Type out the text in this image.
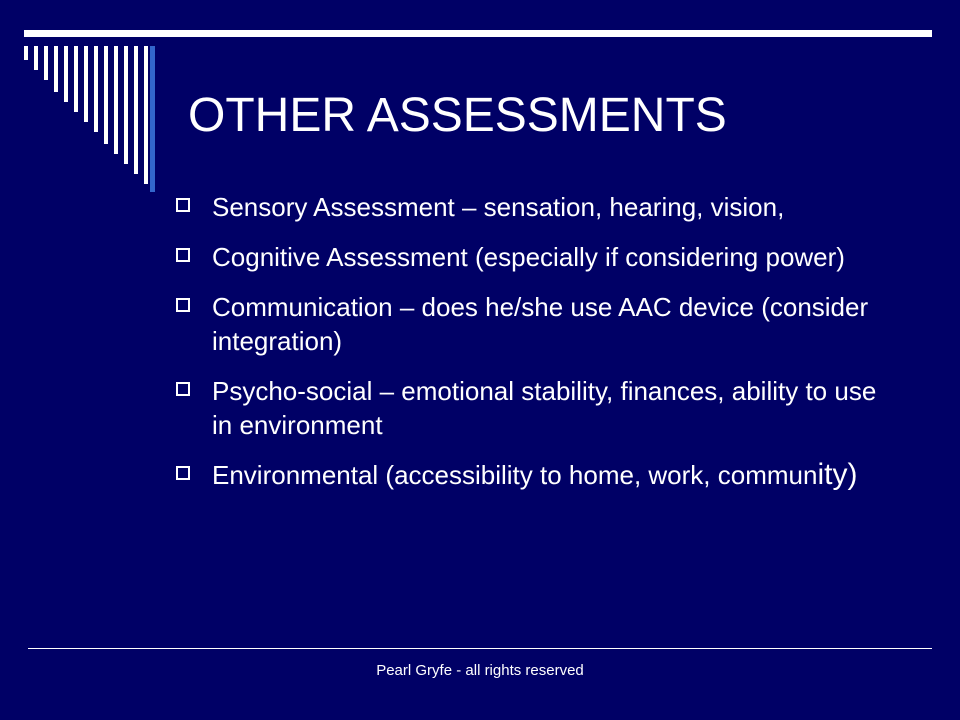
OTHER ASSESSMENTS
Sensory Assessment – sensation, hearing, vision,
Cognitive Assessment (especially if considering power)
Communication – does he/she use AAC device (consider integration)
Psycho-social – emotional stability, finances, ability to use in environment
Environmental (accessibility to home, work, community)
Pearl Gryfe - all rights reserved
